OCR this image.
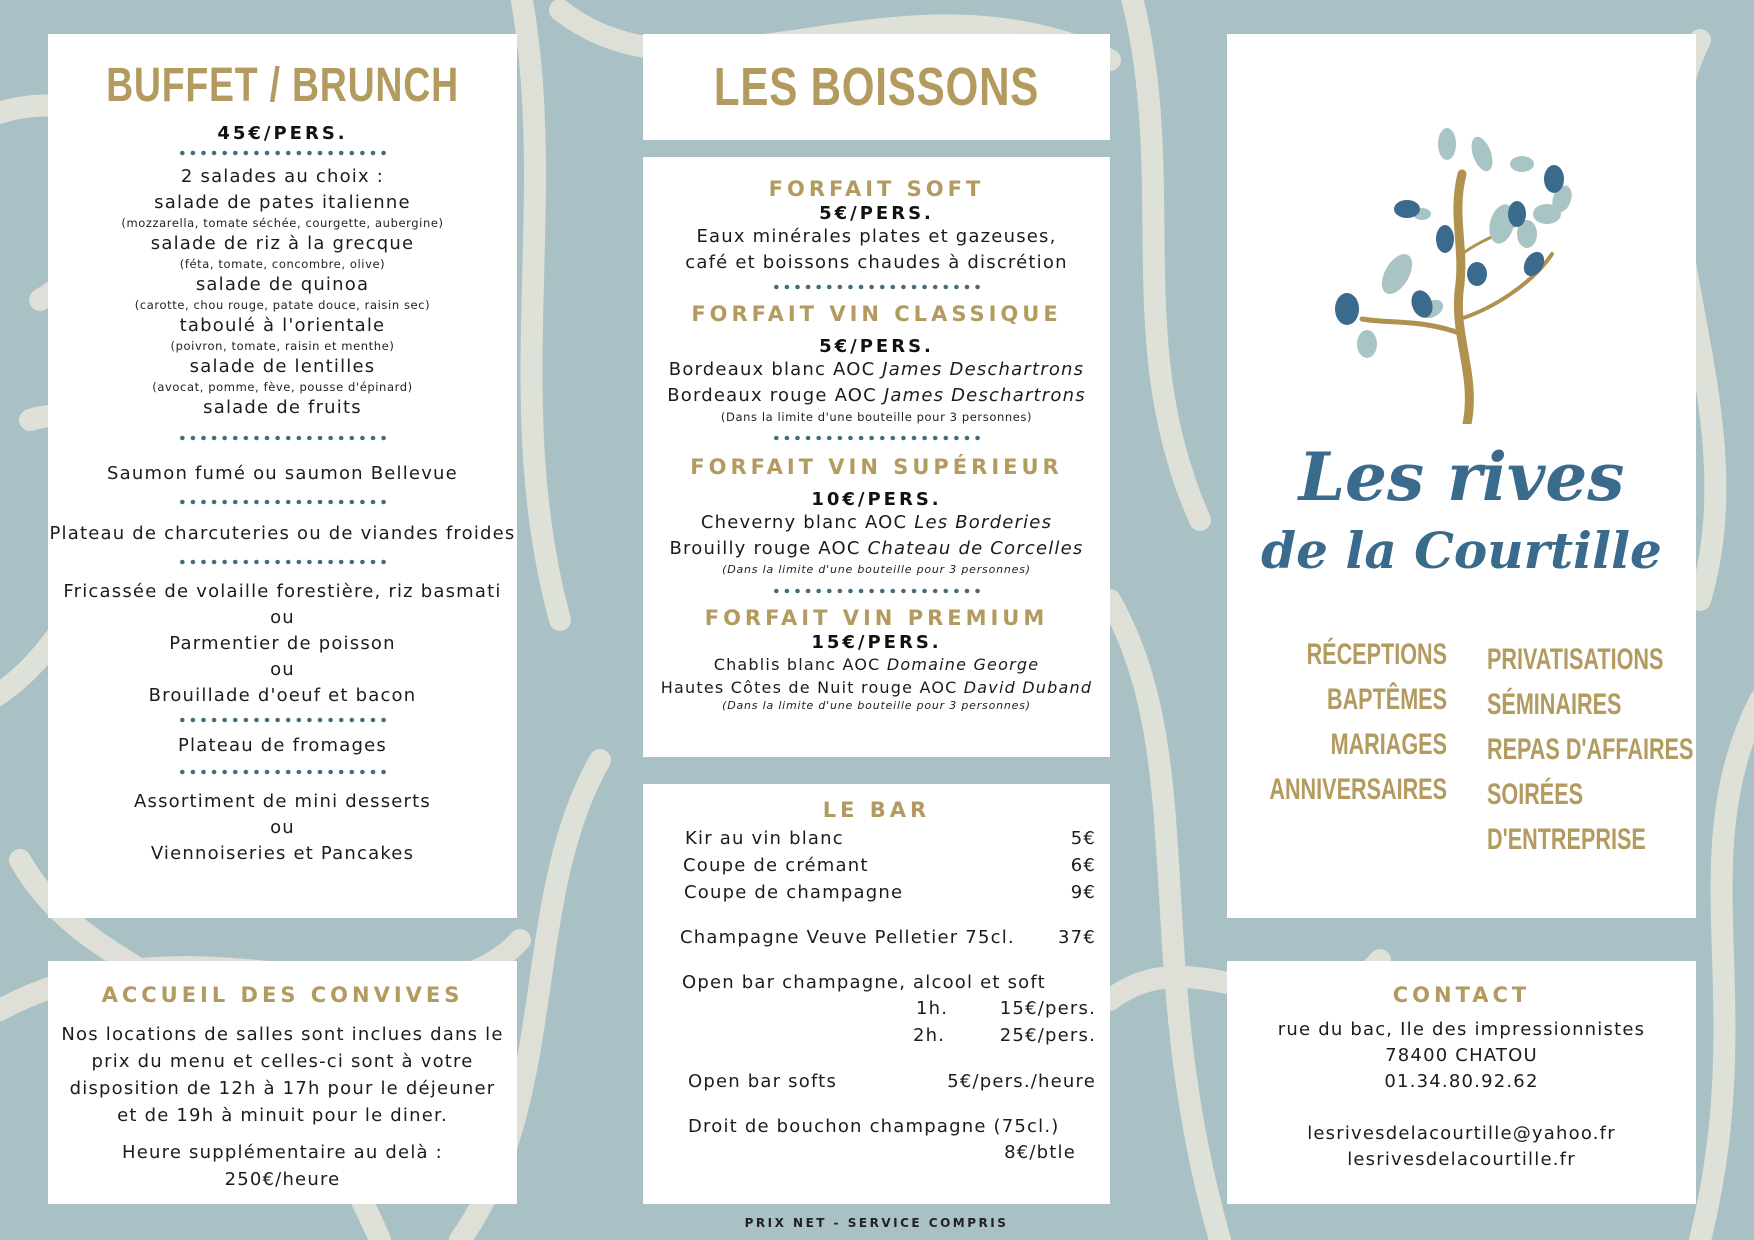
BUFFET / BRUNCH
45€/PERS.
2 salades au choix :
salade de pates italienne
(mozzarella, tomate séchée, courgette, aubergine)
salade de riz à la grecque
(féta, tomate, concombre, olive)
salade de quinoa
(carotte, chou rouge, patate douce, raisin sec)
taboulé à l'orientale
(poivron, tomate, raisin et menthe)
salade de lentilles
(avocat, pomme, fève, pousse d'épinard)
salade de fruits
Saumon fumé ou saumon Bellevue
Plateau de charcuteries ou de viandes froides
Fricassée de volaille forestière, riz basmati
ou
Parmentier de poisson
ou
Brouillade d'oeuf et bacon
Plateau de fromages
Assortiment de mini desserts
ou
Viennoiseries et Pancakes
LES BOISSONS
FORFAIT SOFT
5€/PERS.
Eaux minérales plates et gazeuses,
café et boissons chaudes à discrétion
FORFAIT VIN CLASSIQUE
5€/PERS.
Bordeaux blanc AOC James Deschartrons
Bordeaux rouge AOC James Deschartrons
(Dans la limite d'une bouteille pour 3 personnes)
FORFAIT VIN SUPÉRIEUR
10€/PERS.
Cheverny blanc AOC Les Borderies
Brouilly rouge AOC Chateau de Corcelles
(Dans la limite d'une bouteille pour 3 personnes)
FORFAIT VIN PREMIUM
15€/PERS.
Chablis blanc AOC Domaine George
Hautes Côtes de Nuit rouge AOC David Duband
(Dans la limite d'une bouteille pour 3 personnes)
LE BAR
Kir au vin blanc	5€
Coupe de crémant	6€
Coupe de champagne	9€
Champagne Veuve Pelletier 75cl. 37€
Open bar champagne, alcool et soft
1h.	15€/pers.
2h.	25€/pers.
Open bar softs	5€/pers./heure
Droit de bouchon champagne (75cl.)
8€/btle
PRIX NET - SERVICE COMPRIS
Les rives
de la Courtille
RÉCEPTIONS
BAPTÊMES
MARIAGES
ANNIVERSAIRES
PRIVATISATIONS
SÉMINAIRES
REPAS D'AFFAIRES
SOIRÉES D'ENTREPRISE
ACCUEIL DES CONVIVES
Nos locations de salles sont inclues dans le
prix du menu et celles-ci sont à votre
disposition de 12h à 17h pour le déjeuner
et de 19h à minuit pour le diner.
Heure supplémentaire au delà :
250€/heure
CONTACT
rue du bac, Ile des impressionnistes
78400 CHATOU
01.34.80.92.62
lesrivesdelacourtille@yahoo.fr
lesrivesdelacourtille.fr
